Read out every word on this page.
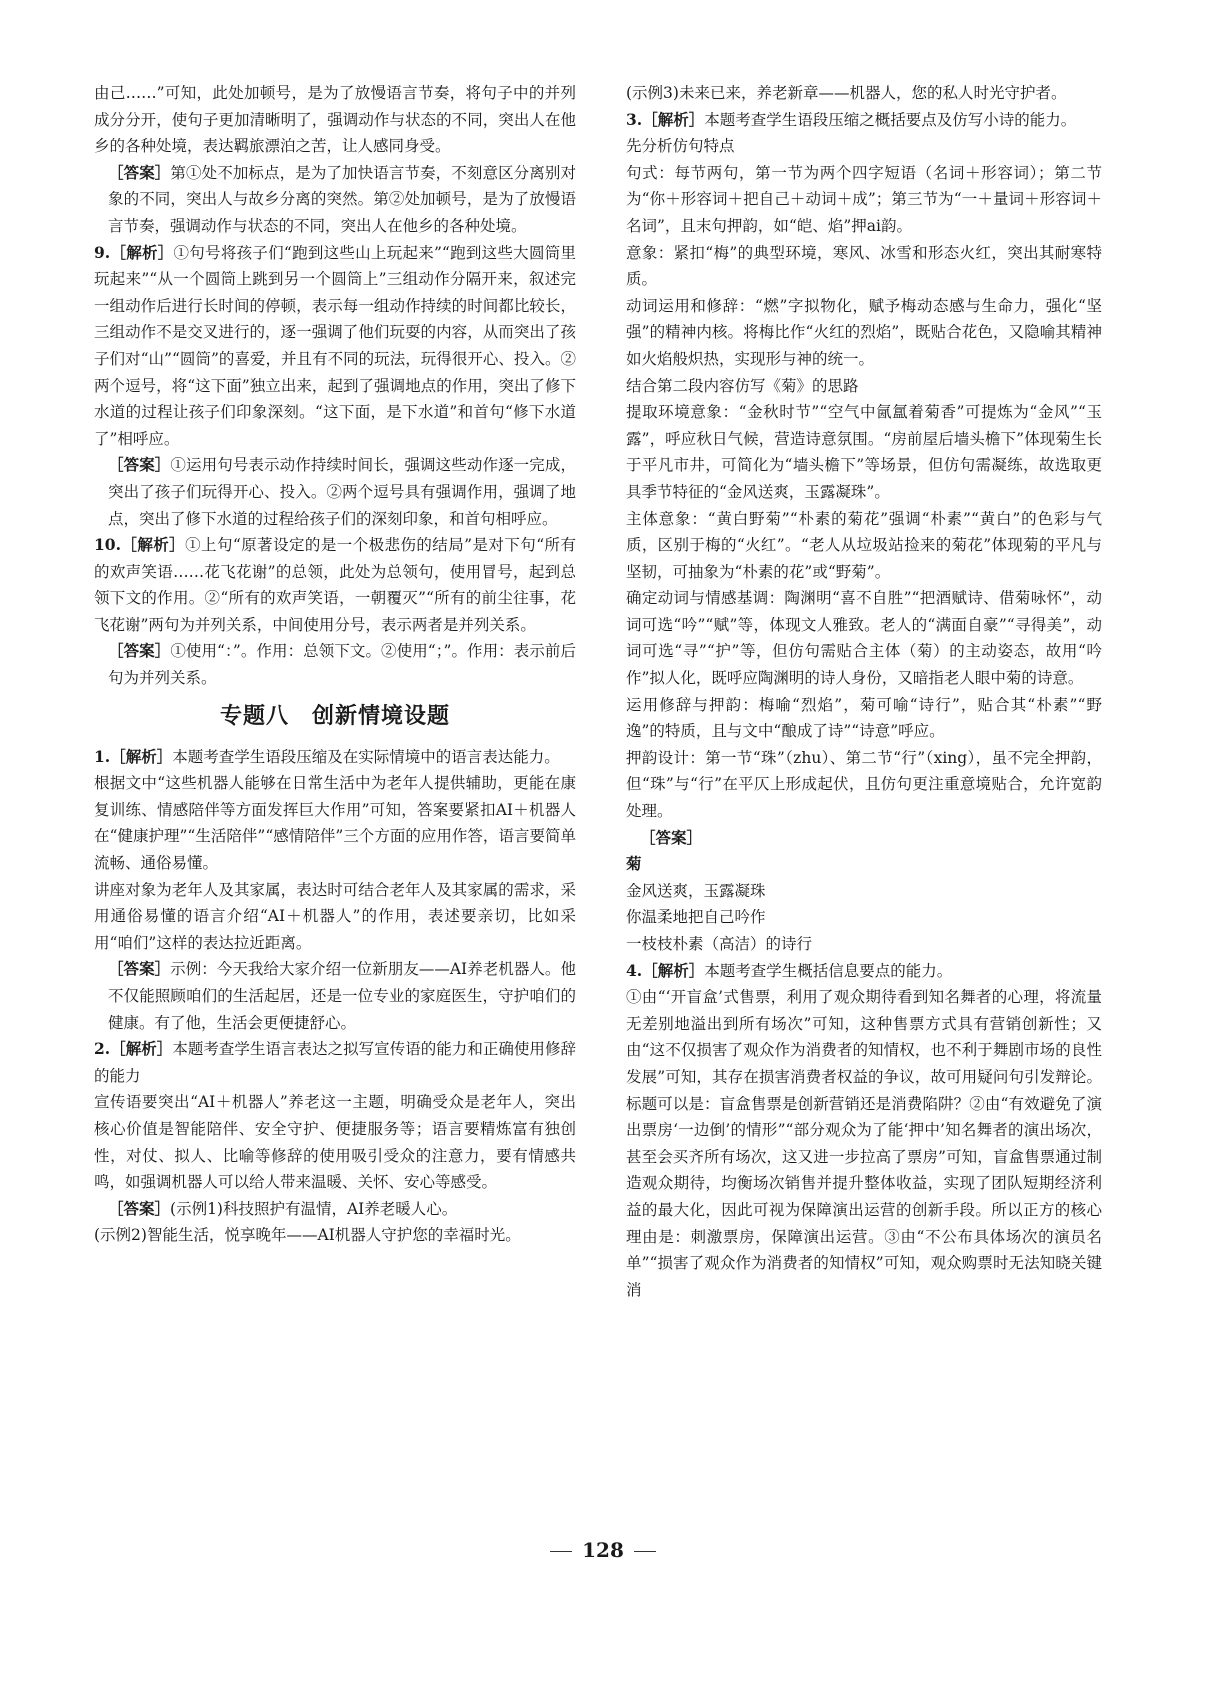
由己……”可知，此处加顿号，是为了放慢语言节奏，将句子中的并列成分分开，使句子更加清晰明了，强调动作与状态的不同，突出人在他乡的各种处境，表达羁旅漂泊之苦，让人感同身受。

［答案］第①处不加标点，是为了加快语言节奏，不刻意区分离别对象的不同，突出人与故乡分离的突然。第②处加顿号，是为了放慢语言节奏，强调动作与状态的不同，突出人在他乡的各种处境。

9.［解析］①句号将孩子们“跑到这些山上玩起来”“跑到这些大圆筒里玩起来”“从一个圆筒上跳到另一个圆筒上”三组动作分隔开来，叙述完一组动作后进行长时间的停顿，表示每一组动作持续的时间都比较长，三组动作不是交叉进行的，逐一强调了他们玩耍的内容，从而突出了孩子们对“山”“圆筒”的喜爱，并且有不同的玩法，玩得很开心、投入。②两个逗号，将“这下面”独立出来，起到了强调地点的作用，突出了修下水道的过程让孩子们印象深刻。“这下面，是下水道”和首句“修下水道了”相呼应。

［答案］①运用句号表示动作持续时间长，强调这些动作逐一完成，突出了孩子们玩得开心、投入。②两个逗号具有强调作用，强调了地点，突出了修下水道的过程给孩子们的深刻印象，和首句相呼应。

10.［解析］①上句“原著设定的是一个极悲伤的结局”是对下句“所有的欢声笑语……花飞花谢”的总领，此处为总领句，使用冒号，起到总领下文的作用。②“所有的欢声笑语，一朝覆灭”“所有的前尘往事，花飞花谢”两句为并列关系，中间使用分号，表示两者是并列关系。

［答案］①使用“：”。作用：总领下文。②使用“；”。作用：表示前后句为并列关系。

专题八　创新情境设题

1.［解析］本题考查学生语段压缩及在实际情境中的语言表达能力。

根据文中“这些机器人能够在日常生活中为老年人提供辅助，更能在康复训练、情感陪伴等方面发挥巨大作用”可知，答案要紧扣AI＋机器人在“健康护理”“生活陪伴”“感情陪伴”三个方面的应用作答，语言要简单流畅、通俗易懂。

讲座对象为老年人及其家属，表达时可结合老年人及其家属的需求，采用通俗易懂的语言介绍“AI＋机器人”的作用，表述要亲切，比如采用“咱们”这样的表达拉近距离。

［答案］示例：今天我给大家介绍一位新朋友——AI养老机器人。他不仅能照顾咱们的生活起居，还是一位专业的家庭医生，守护咱们的健康。有了他，生活会更便捷舒心。

2.［解析］本题考查学生语言表达之拟写宣传语的能力和正确使用修辞的能力

宣传语要突出“AI＋机器人”养老这一主题，明确受众是老年人，突出核心价值是智能陪伴、安全守护、便捷服务等；语言要精炼富有独创性，对仗、拟人、比喻等修辞的使用吸引受众的注意力，要有情感共鸣，如强调机器人可以给人带来温暖、关怀、安心等感受。

［答案］(示例1)科技照护有温情，AI养老暖人心。

(示例2)智能生活，悦享晚年——AI机器人守护您的幸福时光。

(示例3)未来已来，养老新章——机器人，您的私人时光守护者。

3.［解析］本题考查学生语段压缩之概括要点及仿写小诗的能力。

先分析仿句特点

句式：每节两句，第一节为两个四字短语（名词＋形容词）；第二节为“你＋形容词＋把自己＋动词＋成”；第三节为“一＋量词＋形容词＋名词”，且末句押韵，如“皑、焰”押ai韵。

意象：紧扣“梅”的典型环境，寒风、冰雪和形态火红，突出其耐寒特质。

动词运用和修辞：“燃”字拟物化，赋予梅动态感与生命力，强化“坚强”的精神内核。将梅比作“火红的烈焰”，既贴合花色，又隐喻其精神如火焰般炽热，实现形与神的统一。

结合第二段内容仿写《菊》的思路

提取环境意象：“金秋时节”“空气中氤氲着菊香”可提炼为“金风”“玉露”，呼应秋日气候，营造诗意氛围。“房前屋后墙头檐下”体现菊生长于平凡市井，可简化为“墙头檐下”等场景，但仿句需凝练，故选取更具季节特征的“金风送爽，玉露凝珠”。

主体意象：“黄白野菊”“朴素的菊花”强调“朴素”“黄白”的色彩与气质，区别于梅的“火红”。“老人从垃圾站捡来的菊花”体现菊的平凡与坚韧，可抽象为“朴素的花”或“野菊”。

确定动词与情感基调：陶渊明“喜不自胜”“把酒赋诗、借菊咏怀”，动词可选“吟”“赋”等，体现文人雅致。老人的“满面自豪”“寻得美”，动词可选“寻”“护”等，但仿句需贴合主体（菊）的主动姿态，故用“吟作”拟人化，既呼应陶渊明的诗人身份，又暗指老人眼中菊的诗意。

运用修辞与押韵：梅喻“烈焰”，菊可喻“诗行”，贴合其“朴素”“野逸”的特质，且与文中“酿成了诗”“诗意”呼应。

押韵设计：第一节“珠”（zhu）、第二节“行”（xing），虽不完全押韵，但“珠”与“行”在平仄上形成起伏，且仿句更注重意境贴合，允许宽韵处理。

［答案］

菊

金风送爽，玉露凝珠

你温柔地把自己吟作

一枝枝朴素（高洁）的诗行

4.［解析］本题考查学生概括信息要点的能力。

①由“‘开盲盒’式售票，利用了观众期待看到知名舞者的心理，将流量无差别地溢出到所有场次”可知，这种售票方式具有营销创新性；又由“这不仅损害了观众作为消费者的知情权，也不利于舞剧市场的良性发展”可知，其存在损害消费者权益的争议，故可用疑问句引发辩论。标题可以是：盲盒售票是创新营销还是消费陷阱？②由“有效避免了演出票房‘一边倒’的情形”“部分观众为了能‘押中’知名舞者的演出场次，甚至会买齐所有场次，这又进一步拉高了票房”可知，盲盒售票通过制造观众期待，均衡场次销售并提升整体收益，实现了团队短期经济利益的最大化，因此可视为保障演出运营的创新手段。所以正方的核心理由是：刺激票房，保障演出运营。③由“不公布具体场次的演员名单”“损害了观众作为消费者的知情权”可知，观众购票时无法知晓关键消

128
